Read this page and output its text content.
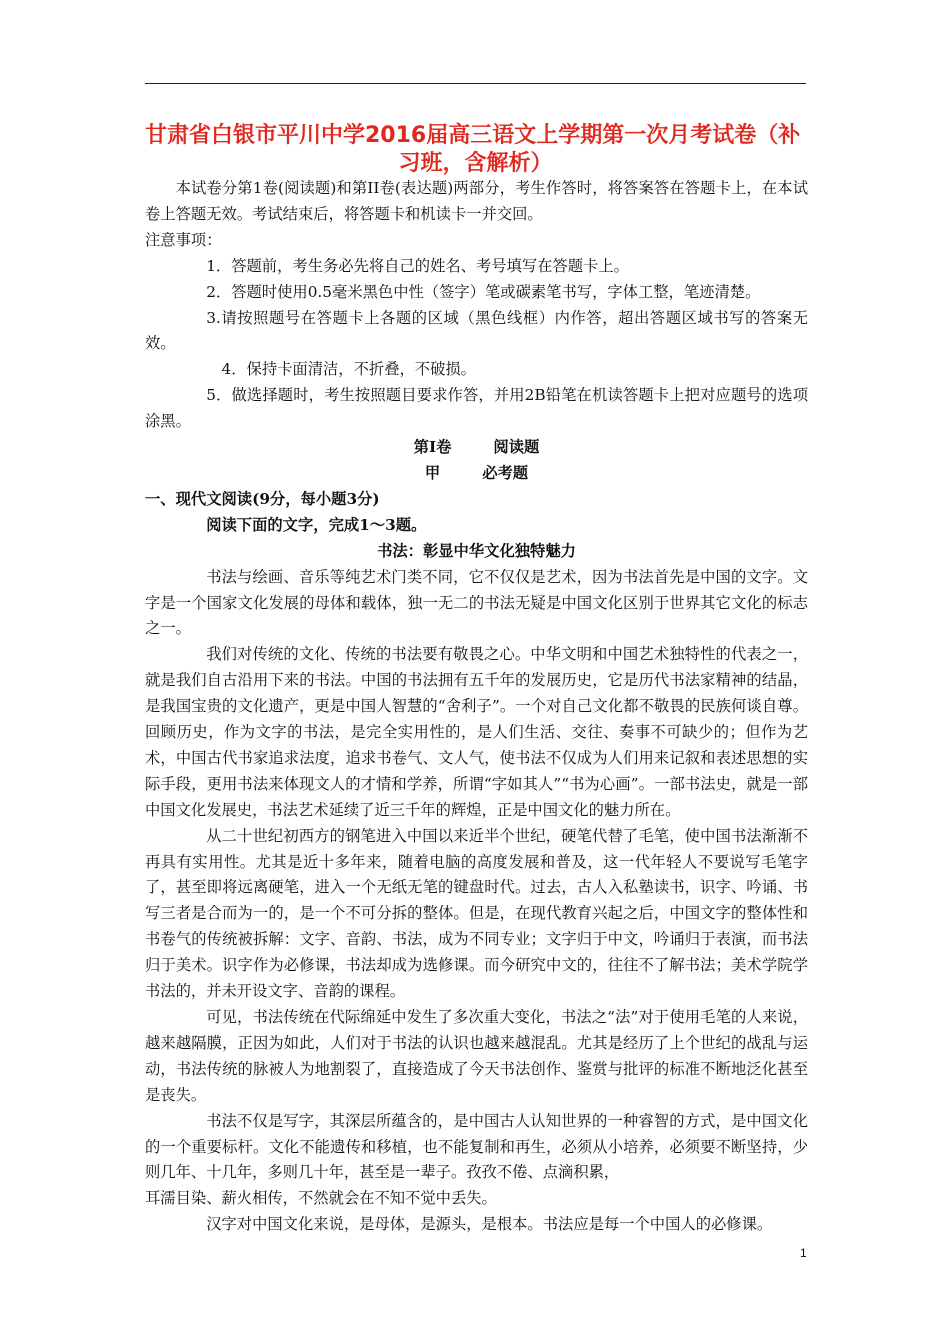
甘肃省白银市平川中学2016届高三语文上学期第一次月考试卷（补
习班，含解析）

本试卷分第1卷(阅读题)和第II卷(表达题)两部分，考生作答时，将答案答在答题卡上，在本试卷上答题无效。考试结束后，将答题卡和机读卡一并交回。

注意事项：

1．答题前，考生务必先将自己的姓名、考号填写在答题卡上。

2．答题时使用0.5毫米黑色中性（签字）笔或碳素笔书写，字体工整，笔迹清楚。

3.请按照题号在答题卡上各题的区域（黑色线框）内作答，超出答题区域书写的答案无效。

4．保持卡面清洁，不折叠，不破损。

5．做选择题时，考生按照题目要求作答，并用2B铅笔在机读答题卡上把对应题号的选项涂黑。

第Ⅰ卷	阅读题

甲	必考题

一、现代文阅读(9分，每小题3分)

阅读下面的文字，完成1～3题。

书法：彰显中华文化独特魅力

书法与绘画、音乐等纯艺术门类不同，它不仅仅是艺术，因为书法首先是中国的文字。文字是一个国家文化发展的母体和载体，独一无二的书法无疑是中国文化区别于世界其它文化的标志之一。

我们对传统的文化、传统的书法要有敬畏之心。中华文明和中国艺术独特性的代表之一，就是我们自古沿用下来的书法。中国的书法拥有五千年的发展历史，它是历代书法家精神的结晶，是我国宝贵的文化遗产，更是中国人智慧的“舍利子”。一个对自己文化都不敬畏的民族何谈自尊。回顾历史，作为文字的书法，是完全实用性的，是人们生活、交往、奏事不可缺少的；但作为艺术，中国古代书家追求法度，追求书卷气、文人气，使书法不仅成为人们用来记叙和表述思想的实际手段，更用书法来体现文人的才情和学养，所谓“字如其人”“书为心画”。一部书法史，就是一部中国文化发展史，书法艺术延续了近三千年的辉煌，正是中国文化的魅力所在。

从二十世纪初西方的钢笔进入中国以来近半个世纪，硬笔代替了毛笔，使中国书法渐渐不再具有实用性。尤其是近十多年来，随着电脑的高度发展和普及，这一代年轻人不要说写毛笔字了，甚至即将远离硬笔，进入一个无纸无笔的键盘时代。过去，古人入私塾读书，识字、吟诵、书写三者是合而为一的，是一个不可分拆的整体。但是，在现代教育兴起之后，中国文字的整体性和书卷气的传统被拆解：文字、音韵、书法，成为不同专业；文字归于中文，吟诵归于表演，而书法归于美术。识字作为必修课，书法却成为选修课。而今研究中文的，往往不了解书法；美术学院学书法的，并未开设文字、音韵的课程。

可见，书法传统在代际绵延中发生了多次重大变化，书法之“法”对于使用毛笔的人来说，越来越隔膜，正因为如此，人们对于书法的认识也越来越混乱。尤其是经历了上个世纪的战乱与运动，书法传统的脉被人为地割裂了，直接造成了今天书法创作、鉴赏与批评的标准不断地泛化甚至是丧失。

书法不仅是写字，其深层所蕴含的，是中国古人认知世界的一种睿智的方式，是中国文化的一个重要标杆。文化不能遗传和移植，也不能复制和再生，必须从小培养，必须要不断坚持，少则几年、十几年，多则几十年，甚至是一辈子。孜孜不倦、点滴积累，

耳濡目染、薪火相传，不然就会在不知不觉中丢失。

汉字对中国文化来说，是母体，是源头，是根本。书法应是每一个中国人的必修课。

1
